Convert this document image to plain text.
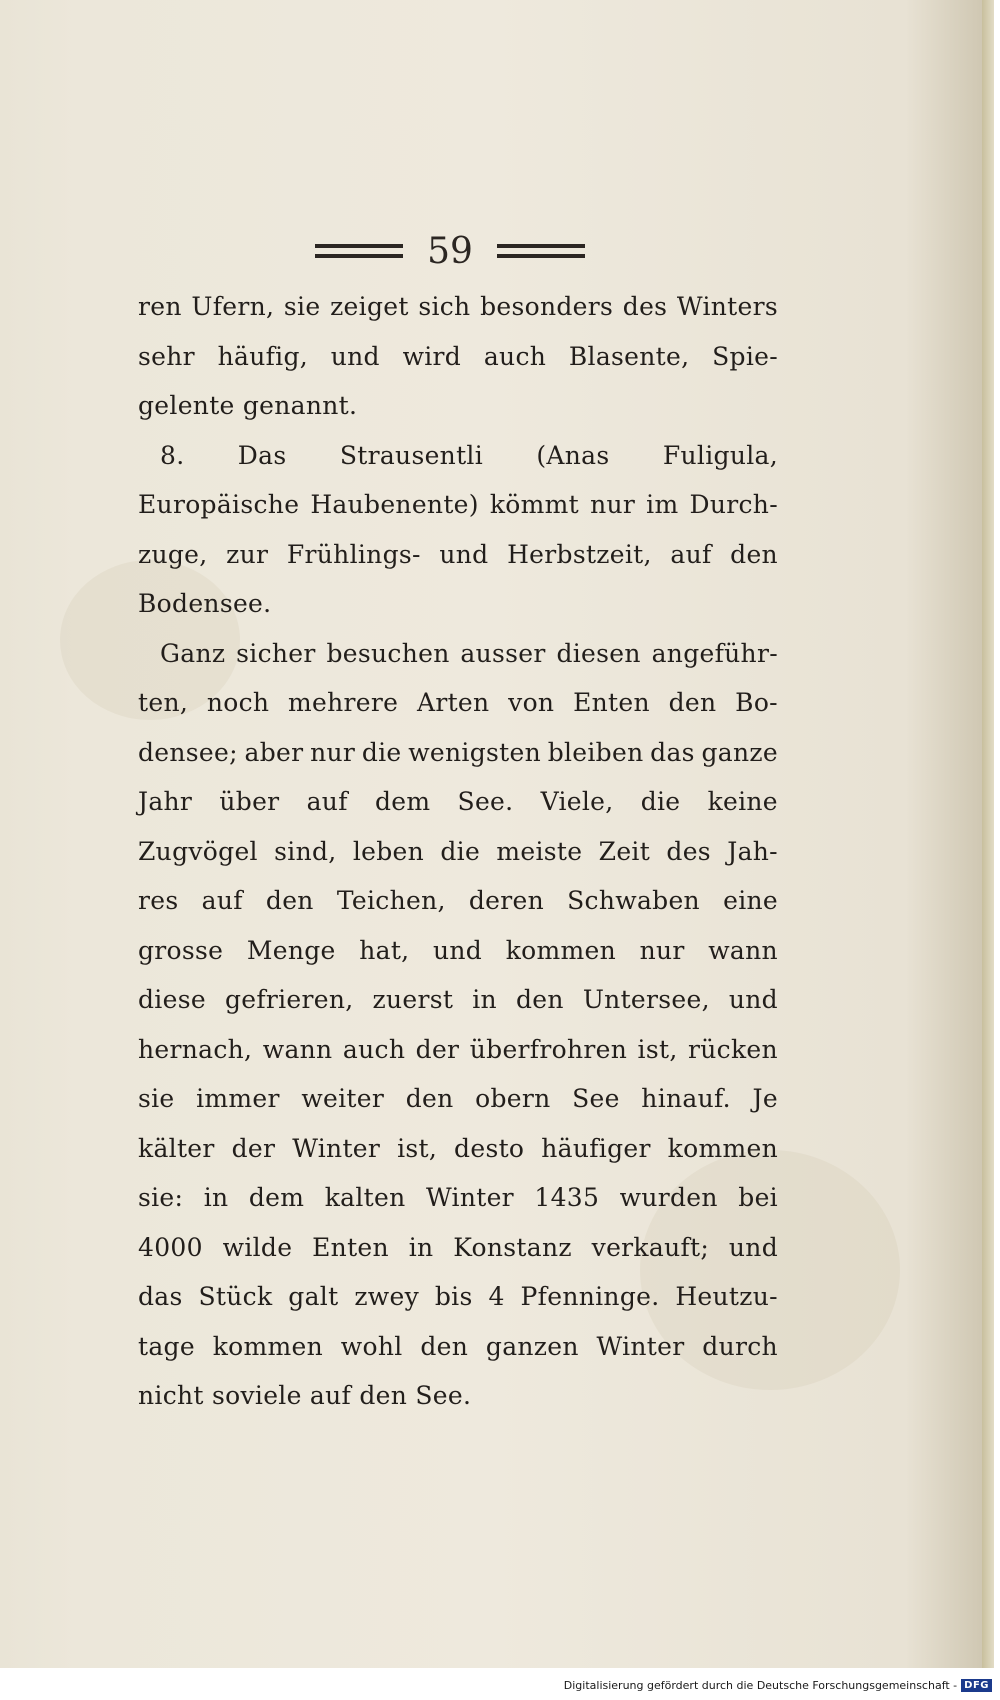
59
ren Ufern, sie zeiget sich besonders des Winters
sehr häufig, und wird auch Blasente, Spie-
gelente genannt.
8. Das Strausentli (Anas Fuligula,
Europäische Haubenente) kömmt nur im Durch-
zuge, zur Frühlings- und Herbstzeit, auf den
Bodensee.
Ganz sicher besuchen ausser diesen angeführ-
ten, noch mehrere Arten von Enten den Bo-
densee; aber nur die wenigsten bleiben das ganze
Jahr über auf dem See. Viele, die keine
Zugvögel sind, leben die meiste Zeit des Jah-
res auf den Teichen, deren Schwaben eine
grosse Menge hat, und kommen nur wann
diese gefrieren, zuerst in den Untersee, und
hernach, wann auch der überfrohren ist, rücken
sie immer weiter den obern See hinauf. Je
kälter der Winter ist, desto häufiger kommen
sie: in dem kalten Winter 1435 wurden bei
4000 wilde Enten in Konstanz verkauft; und
das Stück galt zwey bis 4 Pfenninge. Heutzu-
tage kommen wohl den ganzen Winter durch
nicht soviele auf den See.
Digitalisierung gefördert durch die Deutsche Forschungsgemeinschaft - DFG
